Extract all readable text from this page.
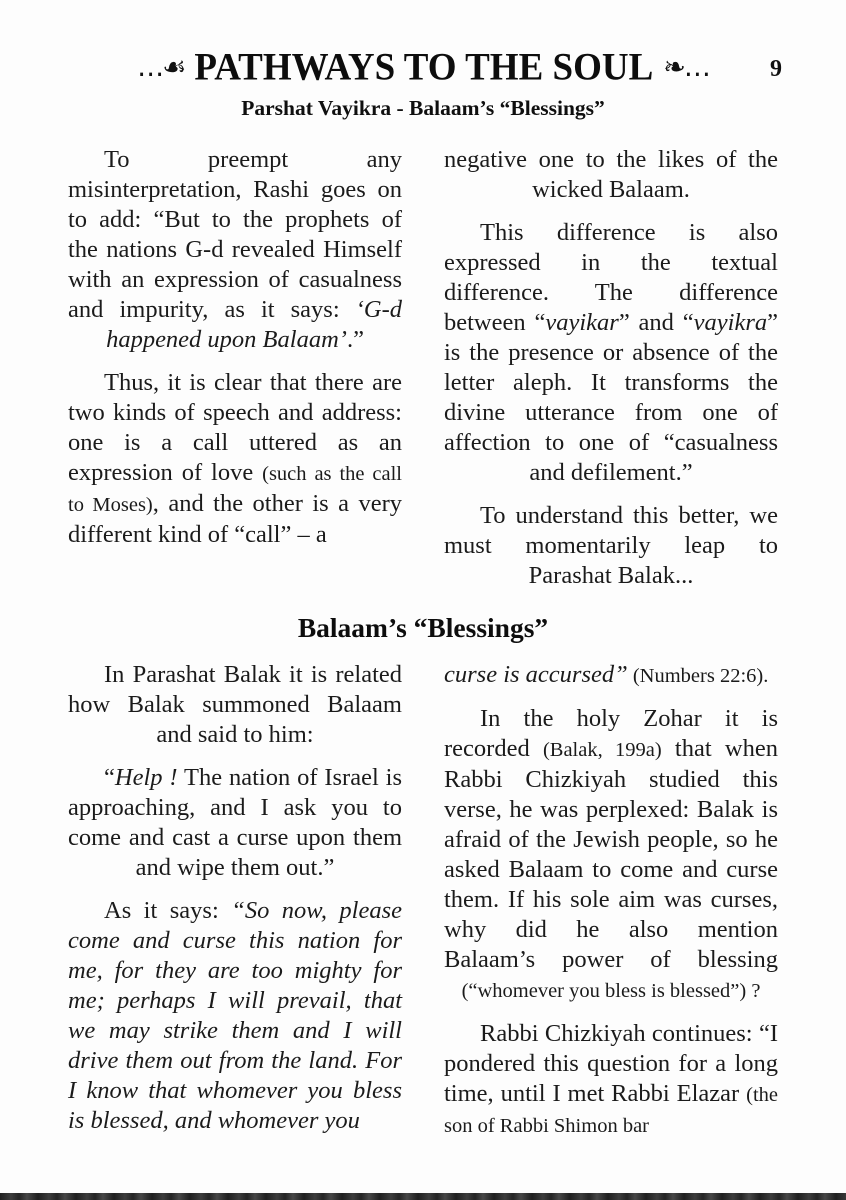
…☙ PATHWAYS TO THE SOUL ❧…	9
Parshat Vayikra - Balaam’s “Blessings”

To preempt any misinterpretation, Rashi goes on to add: “But to the prophets of the nations G-d revealed Himself with an expression of casualness and impurity, as it says: ‘G-d happened upon Balaam’.”

Thus, it is clear that there are two kinds of speech and address: one is a call uttered as an expression of love (such as the call to Moses), and the other is a very different kind of “call” – a

negative one to the likes of the wicked Balaam.

This difference is also expressed in the textual difference. The difference between “vayikar” and “vayikra” is the presence or absence of the letter aleph. It transforms the divine utterance from one of affection to one of “casualness and defilement.”

To understand this better, we must momentarily leap to Parashat Balak...

Balaam’s “Blessings”

In Parashat Balak it is related how Balak summoned Balaam and said to him:

“Help ! The nation of Israel is approaching, and I ask you to come and cast a curse upon them and wipe them out.”

As it says: “So now, please come and curse this nation for me, for they are too mighty for me; perhaps I will prevail, that we may strike them and I will drive them out from the land. For I know that whomever you bless is blessed, and whomever you

curse is accursed” (Numbers 22:6).

In the holy Zohar it is recorded (Balak, 199a) that when Rabbi Chizkiyah studied this verse, he was perplexed: Balak is afraid of the Jewish people, so he asked Balaam to come and curse them. If his sole aim was curses, why did he also mention Balaam’s power of blessing (“whomever you bless is blessed”) ?

Rabbi Chizkiyah continues: “I pondered this question for a long time, until I met Rabbi Elazar (the son of Rabbi Shimon bar
